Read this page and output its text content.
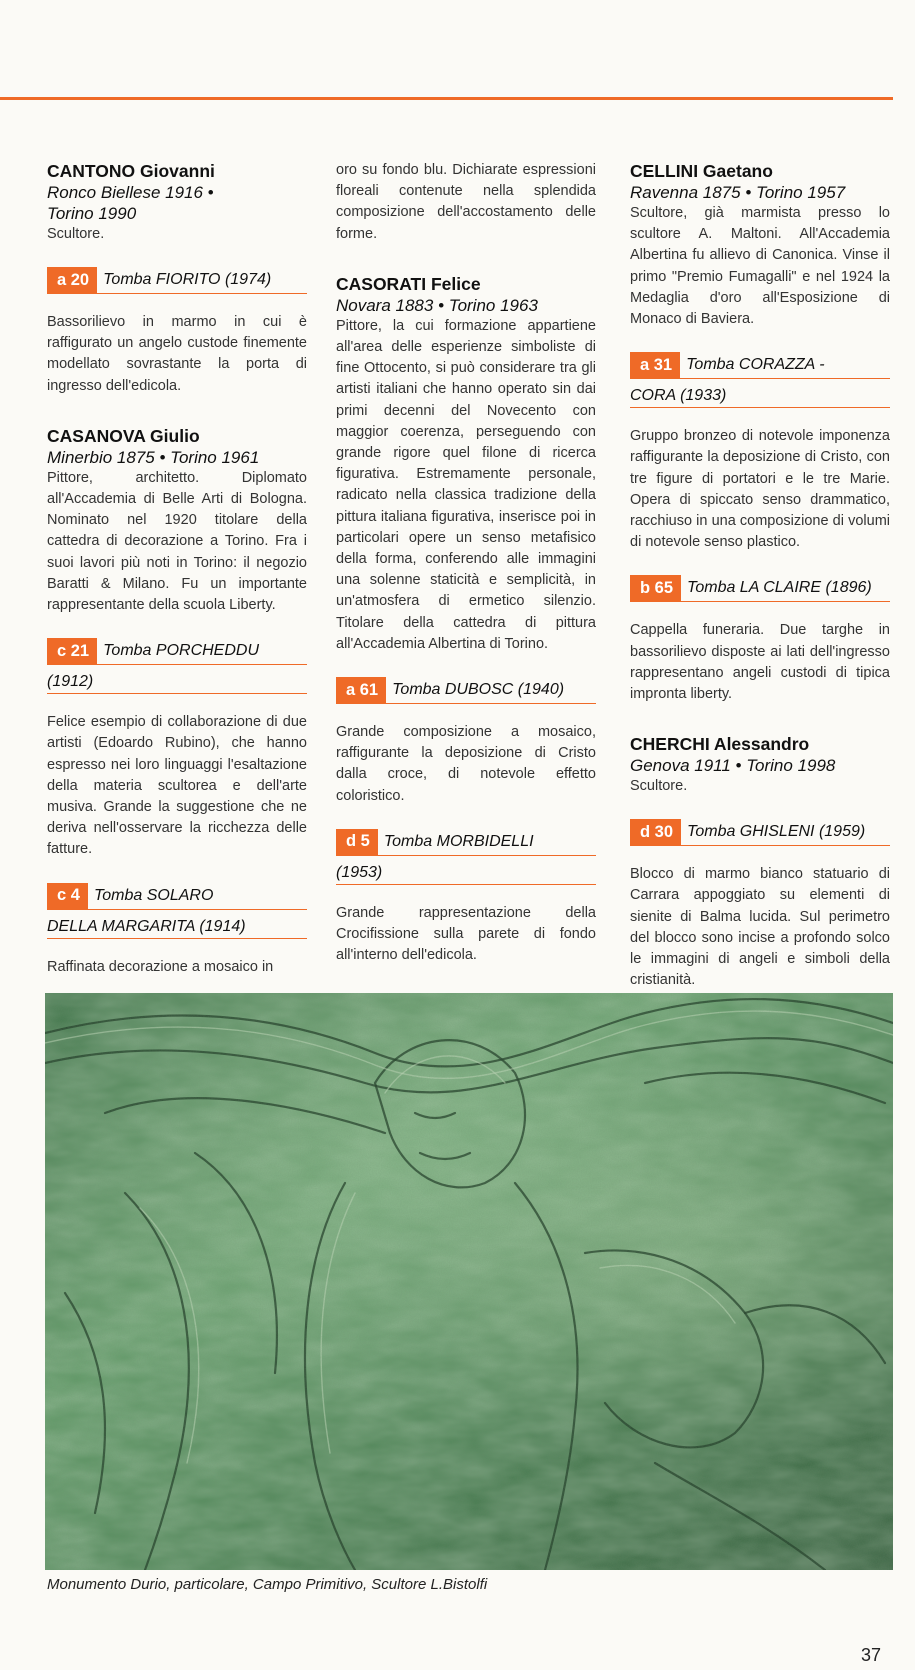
CANTONO Giovanni

Ronco Biellese 1916 •

Torino 1990

Scultore.

a 20 Tomba FIORITO (1974)

Bassorilievo in marmo in cui è raffigurato un angelo custode finemente modellato sovrastante la porta di ingresso dell'edicola.

CASANOVA Giulio

Minerbio 1875 • Torino 1961

Pittore, architetto. Diplomato all'Accademia di Belle Arti di Bologna. Nominato nel 1920 titolare della cattedra di decorazione a Torino. Fra i suoi lavori più noti in Torino: il negozio Baratti & Milano. Fu un importante rappresentante della scuola Liberty.

c 21 Tomba PORCHEDDU
(1912)

Felice esempio di collaborazione di due artisti (Edoardo Rubino), che hanno espresso nei loro linguaggi l'esaltazione della materia scultorea e dell'arte musiva. Grande la suggestione che ne deriva nell'osservare la ricchezza delle fatture.

c 4 Tomba SOLARO
DELLA MARGARITA (1914)

Raffinata decorazione a mosaico in

oro su fondo blu. Dichiarate espressioni floreali contenute nella splendida composizione dell'accostamento delle forme.

CASORATI Felice

Novara 1883 • Torino 1963

Pittore, la cui formazione appartiene all'area delle esperienze simboliste di fine Ottocento, si può considerare tra gli artisti italiani che hanno operato sin dai primi decenni del Novecento con maggior coerenza, perseguendo con grande rigore quel filone di ricerca figurativa. Estremamente personale, radicato nella classica tradizione della pittura italiana figurativa, inserisce poi in particolari opere un senso metafisico della forma, conferendo alle immagini una solenne staticità e semplicità, in un'atmosfera di ermetico silenzio. Titolare della cattedra di pittura all'Accademia Albertina di Torino.

a 61 Tomba DUBOSC (1940)

Grande composizione a mosaico, raffigurante la deposizione di Cristo dalla croce, di notevole effetto coloristico.

d 5 Tomba MORBIDELLI
(1953)

Grande rappresentazione della Crocifissione sulla parete di fondo all'interno dell'edicola.

CELLINI Gaetano

Ravenna 1875 • Torino 1957

Scultore, già marmista presso lo scultore A. Maltoni. All'Accademia Albertina fu allievo di Canonica. Vinse il primo "Premio Fumagalli" e nel 1924 la Medaglia d'oro all'Esposizione di Monaco di Baviera.

a 31 Tomba CORAZZA -
CORA (1933)

Gruppo bronzeo di notevole imponenza raffigurante la deposizione di Cristo, con tre figure di portatori e le tre Marie. Opera di spiccato senso drammatico, racchiuso in una composizione di volumi di notevole senso plastico.

b 65 Tomba LA CLAIRE (1896)

Cappella funeraria. Due targhe in bassorilievo disposte ai lati dell'ingresso rappresentano angeli custodi di tipica impronta liberty.

CHERCHI Alessandro

Genova 1911 • Torino 1998

Scultore.

d 30 Tomba GHISLENI (1959)

Blocco di marmo bianco statuario di Carrara appoggiato su elementi di sienite di Balma lucida. Sul perimetro del blocco sono incise a profondo solco le immagini di angeli e simboli della cristianità.

Monumento Durio, particolare, Campo Primitivo, Scultore L.Bistolfi
37
